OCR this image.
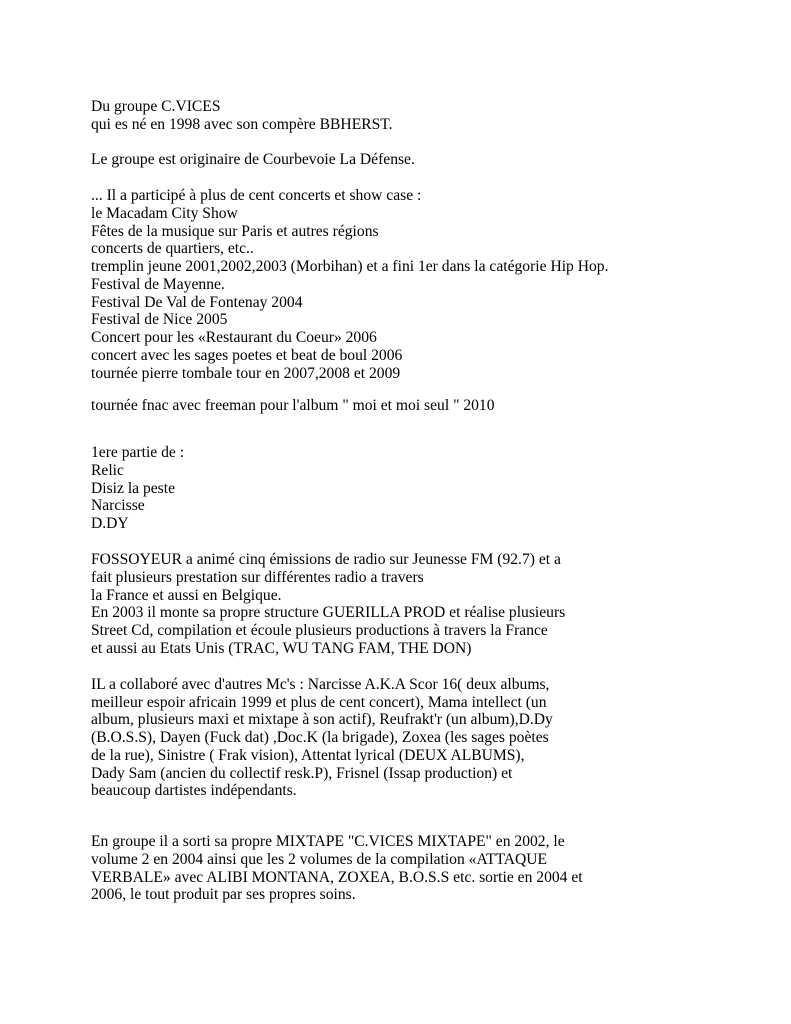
Du groupe C.VICES

qui es né en 1998 avec son compère BBHERST.

Le groupe est originaire de Courbevoie La Défense.

... Il a participé à plus de cent concerts et show case :

le Macadam City Show

Fêtes de la musique sur Paris et autres régions

concerts de quartiers, etc..

tremplin jeune 2001,2002,2003 (Morbihan) et a fini 1er dans la catégorie Hip Hop.

Festival de Mayenne.

Festival De Val de Fontenay 2004

Festival de Nice 2005

Concert pour les «Restaurant du Coeur» 2006

concert avec les sages poetes et beat de boul 2006

tournée pierre tombale tour en 2007,2008 et 2009

tournée fnac avec freeman pour l'album " moi et moi seul " 2010

1ere partie de :

Relic

Disiz la peste

Narcisse

D.DY

FOSSOYEUR a animé cinq émissions de radio sur Jeunesse FM (92.7) et a

fait plusieurs prestation sur différentes radio a travers

la France et aussi en Belgique.

En 2003 il monte sa propre structure GUERILLA PROD et réalise plusieurs

Street Cd, compilation et écoule plusieurs productions à travers la France

et aussi au Etats Unis (TRAC, WU TANG FAM, THE DON)

IL a collaboré avec d'autres Mc's : Narcisse A.K.A Scor 16( deux albums,

meilleur espoir africain 1999 et plus de cent concert), Mama intellect (un

album, plusieurs maxi et mixtape à son actif), Reufrakt'r (un album),D.Dy

(B.O.S.S), Dayen (Fuck dat) ,Doc.K (la brigade), Zoxea (les sages poètes

de la rue), Sinistre ( Frak vision), Attentat lyrical (DEUX ALBUMS),

Dady Sam (ancien du collectif resk.P), Frisnel (Issap production) et

beaucoup dartistes indépendants.

En groupe il a sorti sa propre MIXTAPE "C.VICES MIXTAPE" en 2002, le

volume 2 en 2004 ainsi que les 2 volumes de la compilation «ATTAQUE

VERBALE» avec ALIBI MONTANA, ZOXEA, B.O.S.S etc. sortie en 2004 et

2006, le tout produit par ses propres soins.
